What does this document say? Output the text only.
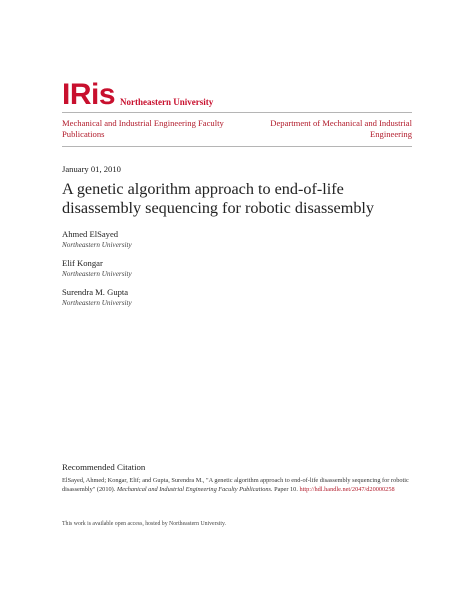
IRis Northeastern University
Mechanical and Industrial Engineering Faculty Publications
Department of Mechanical and Industrial Engineering
January 01, 2010
A genetic algorithm approach to end-of-life disassembly sequencing for robotic disassembly
Ahmed ElSayed
Northeastern University
Elif Kongar
Northeastern University
Surendra M. Gupta
Northeastern University
Recommended Citation
ElSayed, Ahmed; Kongar, Elif; and Gupta, Surendra M., "A genetic algorithm approach to end-of-life disassembly sequencing for robotic disassembly" (2010). Mechanical and Industrial Engineering Faculty Publications. Paper 10. http://hdl.handle.net/2047/d20000258
This work is available open access, hosted by Northeastern University.
